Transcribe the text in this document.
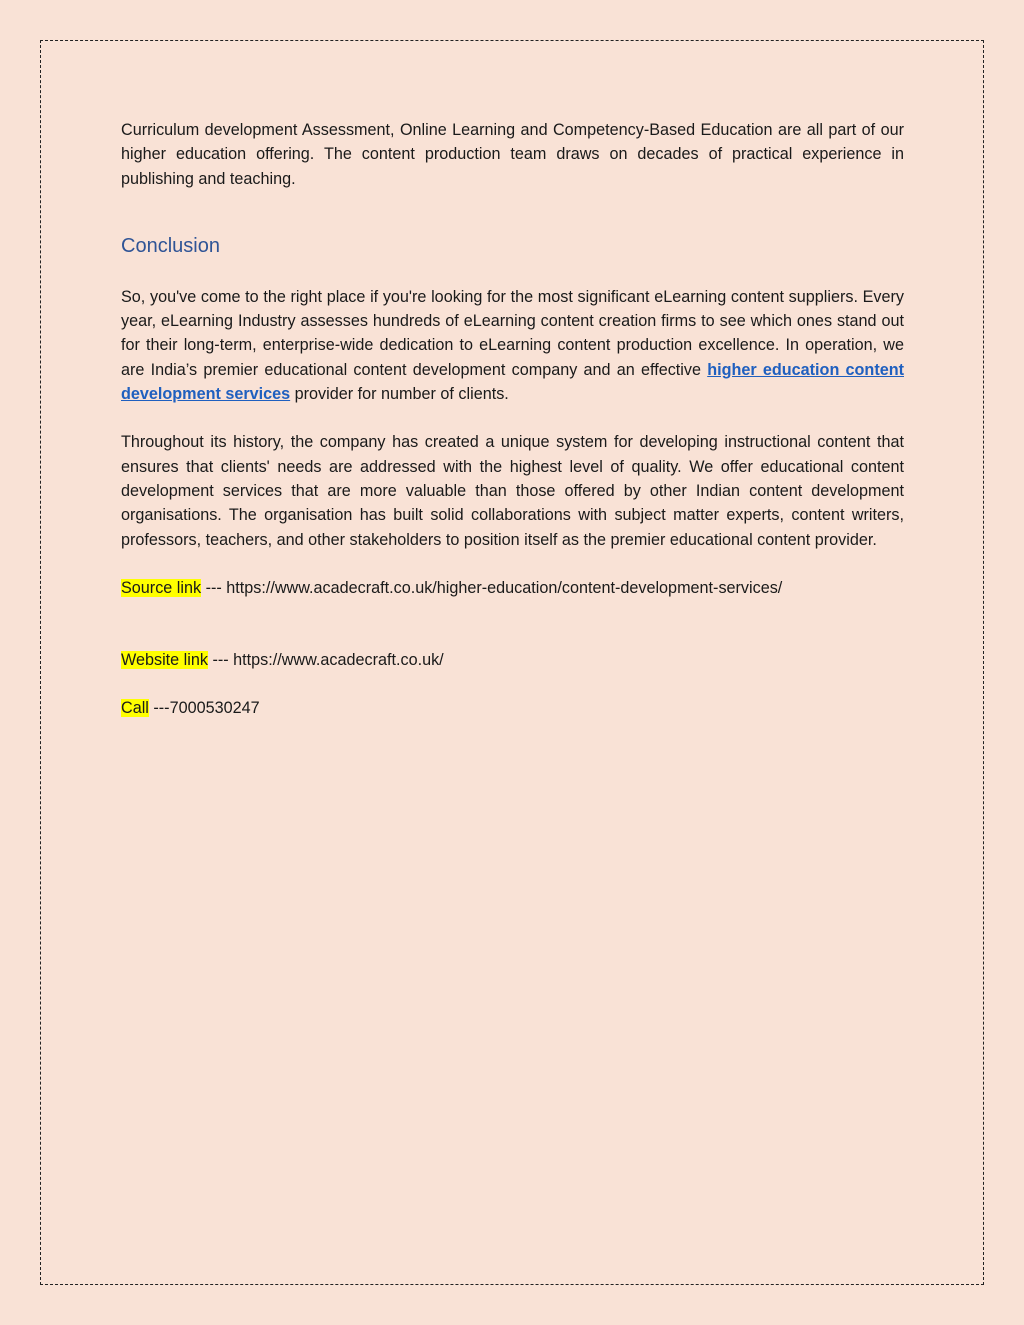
Curriculum development Assessment, Online Learning and Competency-Based Education are all part of our higher education offering. The content production team draws on decades of practical experience in publishing and teaching.

Conclusion

So, you've come to the right place if you're looking for the most significant eLearning content suppliers. Every year, eLearning Industry assesses hundreds of eLearning content creation firms to see which ones stand out for their long-term, enterprise-wide dedication to eLearning content production excellence. In operation, we are India’s premier educational content development company and an effective higher education content development services provider for number of clients.

Throughout its history, the company has created a unique system for developing instructional content that ensures that clients' needs are addressed with the highest level of quality. We offer educational content development services that are more valuable than those offered by other Indian content development organisations. The organisation has built solid collaborations with subject matter experts, content writers, professors, teachers, and other stakeholders to position itself as the premier educational content provider.

Source link --- https://www.acadecraft.co.uk/higher-education/content-development-services/

Website link --- https://www.acadecraft.co.uk/

Call ---7000530247
